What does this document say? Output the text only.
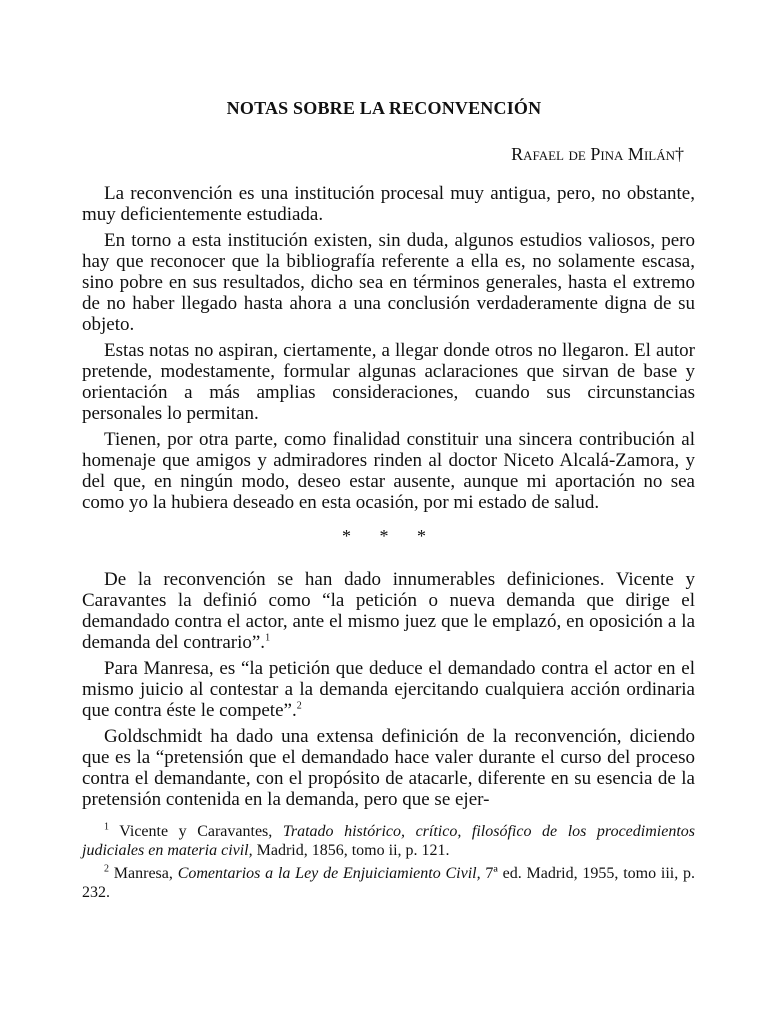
NOTAS SOBRE LA RECONVENCIÓN
Rafael de Pina Milán†

La reconvención es una institución procesal muy antigua, pero, no obstante, muy deficientemente estudiada.

En torno a esta institución existen, sin duda, algunos estudios valiosos, pero hay que reconocer que la bibliografía referente a ella es, no solamente escasa, sino pobre en sus resultados, dicho sea en términos generales, hasta el extremo de no haber llegado hasta ahora a una conclusión verdaderamente digna de su objeto.

Estas notas no aspiran, ciertamente, a llegar donde otros no llegaron. El autor pretende, modestamente, formular algunas aclaraciones que sirvan de base y orientación a más amplias consideraciones, cuando sus circunstancias personales lo permitan.

Tienen, por otra parte, como finalidad constituir una sincera contribución al homenaje que amigos y admiradores rinden al doctor Niceto Alcalá-Zamora, y del que, en ningún modo, deseo estar ausente, aunque mi aportación no sea como yo la hubiera deseado en esta ocasión, por mi estado de salud.

* * *

De la reconvención se han dado innumerables definiciones. Vicente y Caravantes la definió como “la petición o nueva demanda que dirige el demandado contra el actor, ante el mismo juez que le emplazó, en oposición a la demanda del contrario”.$^1$

Para Manresa, es “la petición que deduce el demandado contra el actor en el mismo juicio al contestar a la demanda ejercitando cualquiera acción ordinaria que contra éste le compete”.$^2$

Goldschmidt ha dado una extensa definición de la reconvención, diciendo que es la “pretensión que el demandado hace valer durante el curso del proceso contra el demandante, con el propósito de atacarle, diferente en su esencia de la pretensión contenida en la demanda, pero que se ejer-

$^1$ Vicente y Caravantes, Tratado histórico, crítico, filosófico de los procedimientos judiciales en materia civil, Madrid, 1856, tomo ii, p. 121.

$^2$ Manresa, Comentarios a la Ley de Enjuiciamiento Civil, 7ª ed. Madrid, 1955, tomo iii, p. 232.
